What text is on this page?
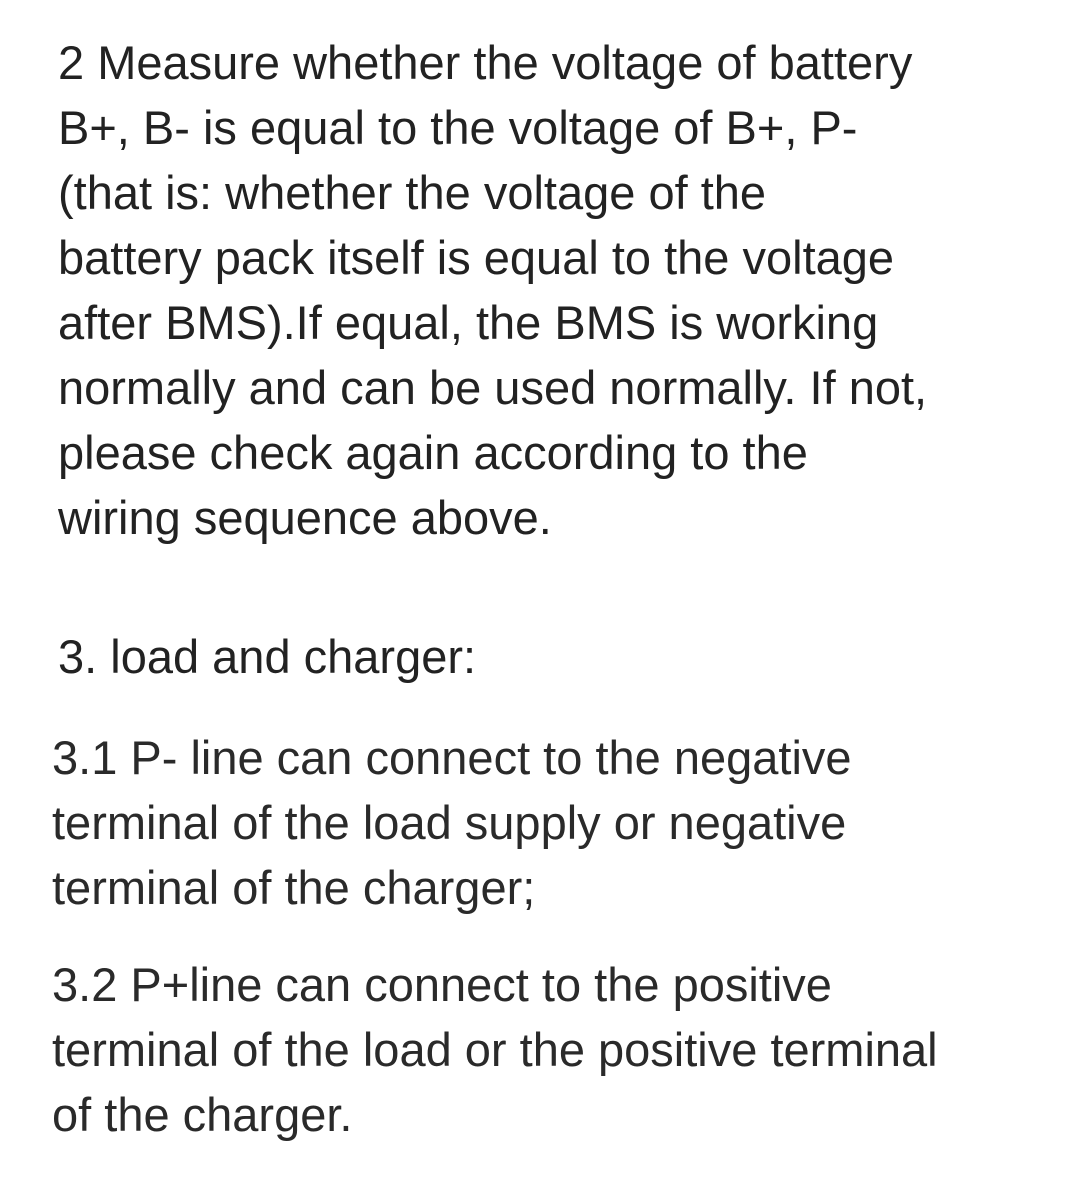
2 Measure whether the voltage of battery
B+, B- is equal to the voltage of B+, P-
(that is: whether the voltage of the
battery pack itself is equal to the voltage
after BMS).If equal, the BMS is working
normally and can be used normally. If not,
please check again according to the
wiring sequence above.

3. load and charger:

3.1 P- line can connect to the negative
terminal of the load supply or negative
terminal of the charger;

3.2 P+line can connect to the positive
terminal of the load or the positive terminal
of the charger.
